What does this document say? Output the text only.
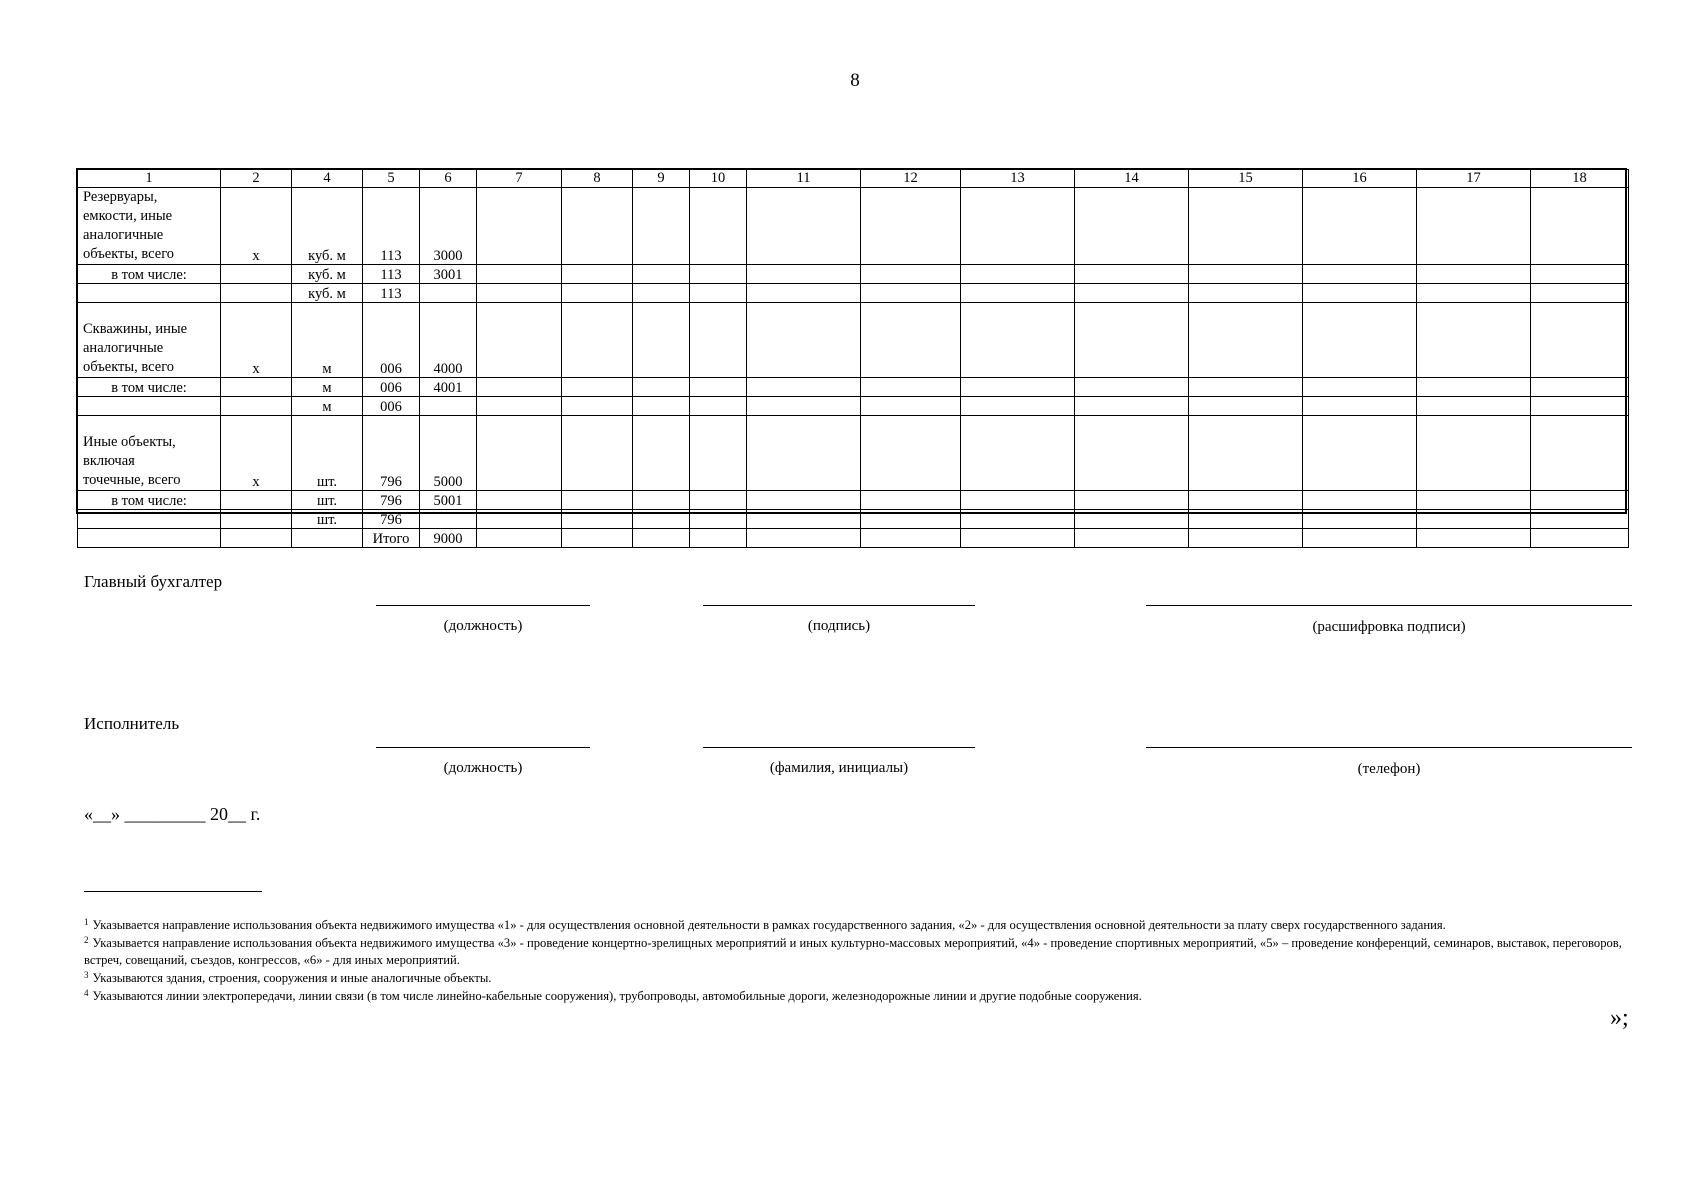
8
1	2	4	5	6	7	8	9	10	11	12	13	14	15	16	17	18

Резервуары,
емкости, иные
аналогичные
объекты, всего	х	куб. м	113	3000												
в том числе:		куб. м	113	3001												
		куб. м	113													

Скважины, иные
аналогичные
объекты, всего	х	м	006	4000												
в том числе:		м	006	4001												
		м	006													

Иные объекты,
включая
точечные, всего	х	шт.	796	5000												
в том числе:		шт.	796	5001												
		шт.	796													
			Итого	9000												
Главный бухгалтер
(должность)	(подпись)	(расшифровка подписи)
Исполнитель
(должность)	(фамилия, инициалы)	(телефон)
«__» _________ 20__ г.
$^1$ Указывается направление использования объекта недвижимого имущества «1» - для осуществления основной деятельности в рамках государственного задания, «2» - для осуществления основной деятельности за плату сверх государственного задания.
$^2$ Указывается направление использования объекта недвижимого имущества «3» - проведение концертно-зрелищных мероприятий и иных культурно-массовых мероприятий, «4» - проведение спортивных мероприятий, «5» – проведение конференций, семинаров, выставок, переговоров, встреч, совещаний, съездов, конгрессов, «6» - для иных мероприятий.
$^3$ Указываются здания, строения, сооружения и иные аналогичные объекты.
$^4$ Указываются линии электропередачи, линии связи (в том числе линейно-кабельные сооружения), трубопроводы, автомобильные дороги, железнодорожные линии и другие подобные сооружения.
»;
